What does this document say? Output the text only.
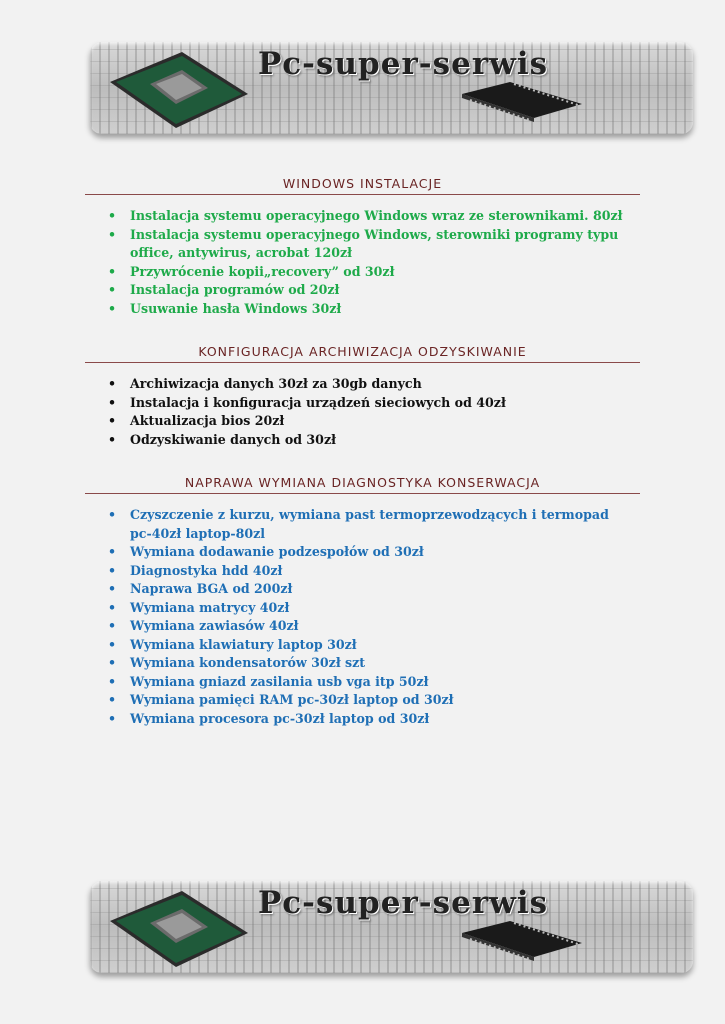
Pc-super-serwis
WINDOWS INSTALACJE
• Instalacja systemu operacyjnego Windows wraz ze sterownikami. 80zł
• Instalacja systemu operacyjnego Windows, sterowniki programy typu office, antywirus, acrobat 120zł
• Przywrócenie kopii„recovery” od 30zł
• Instalacja programów od 20zł
• Usuwanie hasła Windows 30zł
KONFIGURACJA ARCHIWIZACJA ODZYSKIWANIE
• Archiwizacja danych 30zł za 30gb danych
• Instalacja i konfiguracja urządzeń sieciowych od 40zł
• Aktualizacja bios 20zł
• Odzyskiwanie danych od 30zł
NAPRAWA WYMIANA DIAGNOSTYKA KONSERWACJA
• Czyszczenie z kurzu, wymiana past termoprzewodzących i termopad pc-40zł laptop-80zl
• Wymiana dodawanie podzespołów od 30zł
• Diagnostyka hdd 40zł
• Naprawa BGA od 200zł
• Wymiana matrycy 40zł
• Wymiana zawiasów 40zł
• Wymiana klawiatury laptop 30zł
• Wymiana kondensatorów 30zł szt
• Wymiana gniazd zasilania usb vga itp 50zł
• Wymiana pamięci RAM pc-30zł laptop od 30zł
• Wymiana procesora pc-30zł laptop od 30zł
Pc-super-serwis
